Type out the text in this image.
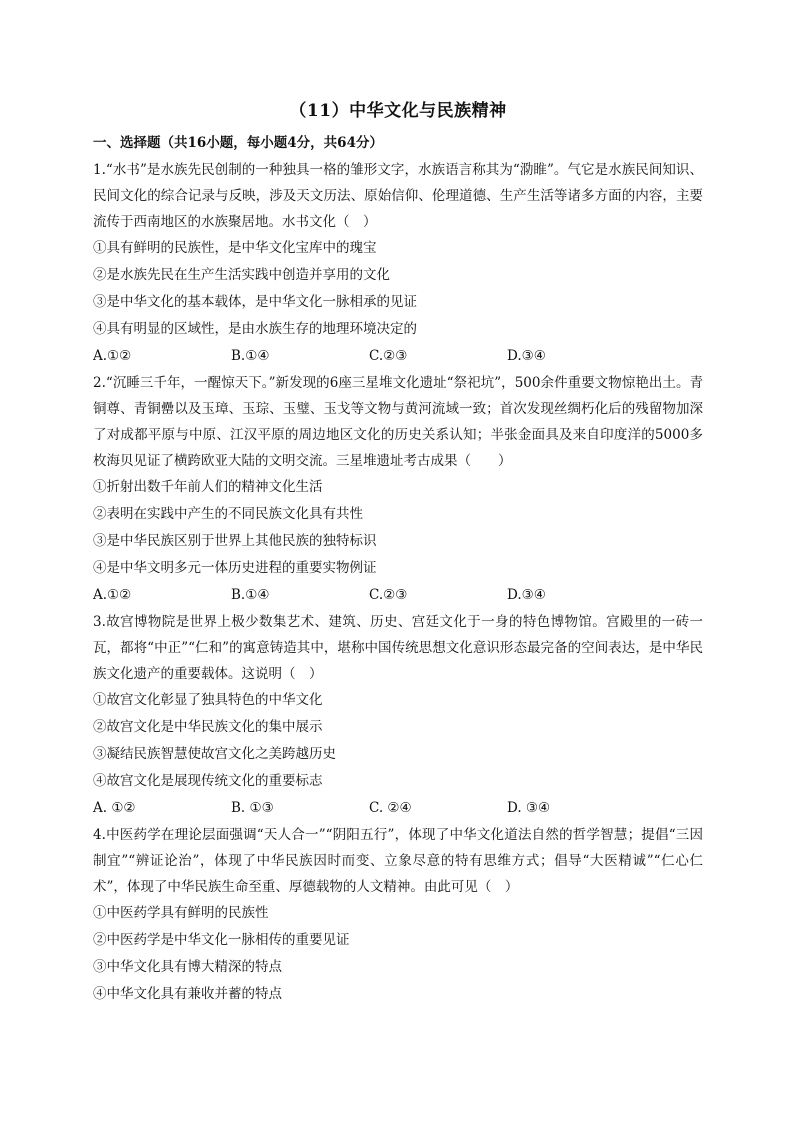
（11）中华文化与民族精神
一、选择题（共16小题，每小题4分，共64分）
1.“水书”是水族先民创制的一种独具一格的雏形文字，水族语言称其为“泐睢”。气它是水族民间知识、民间文化的综合记录与反映，涉及天文历法、原始信仰、伦理道德、生产生活等诸多方面的内容，主要流传于西南地区的水族聚居地。水书文化（　）
①具有鲜明的民族性，是中华文化宝库中的瑰宝
②是水族先民在生产生活实践中创造并享用的文化
③是中华文化的基本载体，是中华文化一脉相承的见证
④具有明显的区域性，是由水族生存的地理环境决定的
A.①②	B.①④	C.②③	D.③④
2.“沉睡三千年，一醒惊天下。”新发现的6座三星堆文化遗址“祭祀坑”，500余件重要文物惊艳出土。青铜尊、青铜罍以及玉璋、玉琮、玉璧、玉戈等文物与黄河流域一致；首次发现丝绸朽化后的残留物加深了对成都平原与中原、江汉平原的周边地区文化的历史关系认知；半张金面具及来自印度洋的5000多枚海贝见证了横跨欧亚大陆的文明交流。三星堆遗址考古成果（　　）
①折射出数千年前人们的精神文化生活
②表明在实践中产生的不同民族文化具有共性
③是中华民族区别于世界上其他民族的独特标识
④是中华文明多元一体历史进程的重要实物例证
A.①②	B.①④	C.②③	D.③④
3.故宫博物院是世界上极少数集艺术、建筑、历史、宫廷文化于一身的特色博物馆。宫殿里的一砖一瓦，都将“中正”“仁和”的寓意铸造其中，堪称中国传统思想文化意识形态最完备的空间表达，是中华民族文化遗产的重要载体。这说明（　）
①故宫文化彰显了独具特色的中华文化
②故宫文化是中华民族文化的集中展示
③凝结民族智慧使故宫文化之美跨越历史
④故宫文化是展现传统文化的重要标志
A. ①②	B. ①③	C. ②④	D. ③④
4.中医药学在理论层面强调“天人合一”“阴阳五行”，体现了中华文化道法自然的哲学智慧；提倡“三因制宜”“辨证论治”，体现了中华民族因时而变、立象尽意的特有思维方式；倡导“大医精诚”“仁心仁术”，体现了中华民族生命至重、厚德载物的人文精神。由此可见（　）
①中医药学具有鲜明的民族性
②中医药学是中华文化一脉相传的重要见证
③中华文化具有博大精深的特点
④中华文化具有兼收并蓄的特点
